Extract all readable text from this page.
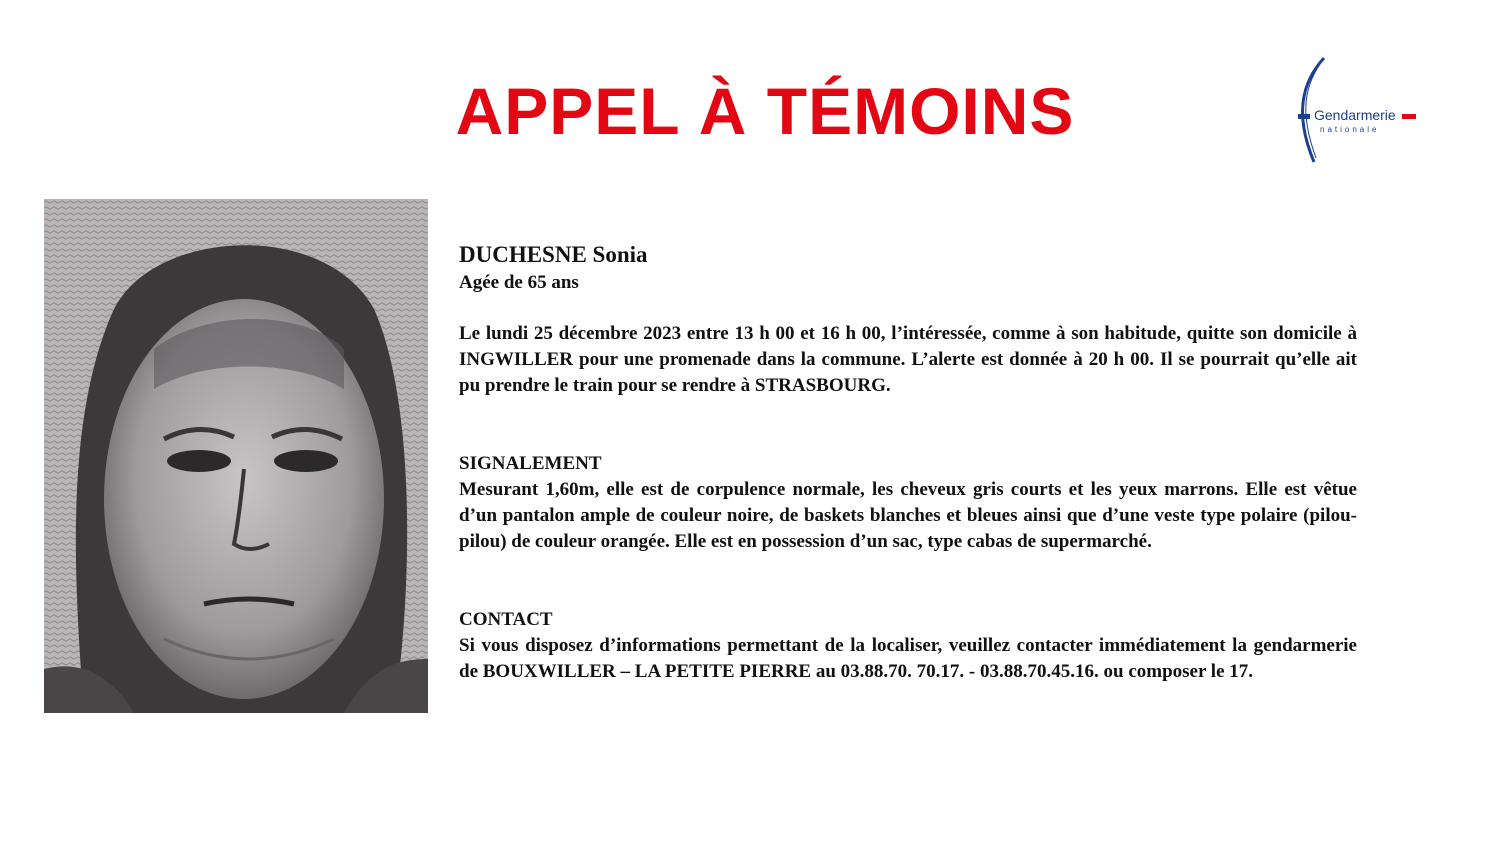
APPEL À TÉMOINS	Gendarmerie
nationale

DUCHESNE Sonia

Agée de 65 ans

Le lundi 25 décembre 2023 entre 13 h 00 et 16 h 00, l’intéressée, comme à son habitude, quitte son domicile à INGWILLER pour une promenade dans la commune. L’alerte est donnée à 20 h 00. Il se pourrait qu’elle ait pu prendre le train pour se rendre à STRASBOURG.

SIGNALEMENT

Mesurant 1,60m, elle est de corpulence normale, les cheveux gris courts et les yeux marrons. Elle est vêtue d’un pantalon ample de couleur noire, de baskets blanches et bleues ainsi que d’une veste type polaire (pilou-pilou) de couleur orangée. Elle est en possession d’un sac, type cabas de supermarché.

CONTACT

Si vous disposez d’informations permettant de la localiser, veuillez contacter immédiatement la gendarmerie de BOUXWILLER – LA PETITE PIERRE au 03.88.70. 70.17. - 03.88.70.45.16. ou composer le 17.
